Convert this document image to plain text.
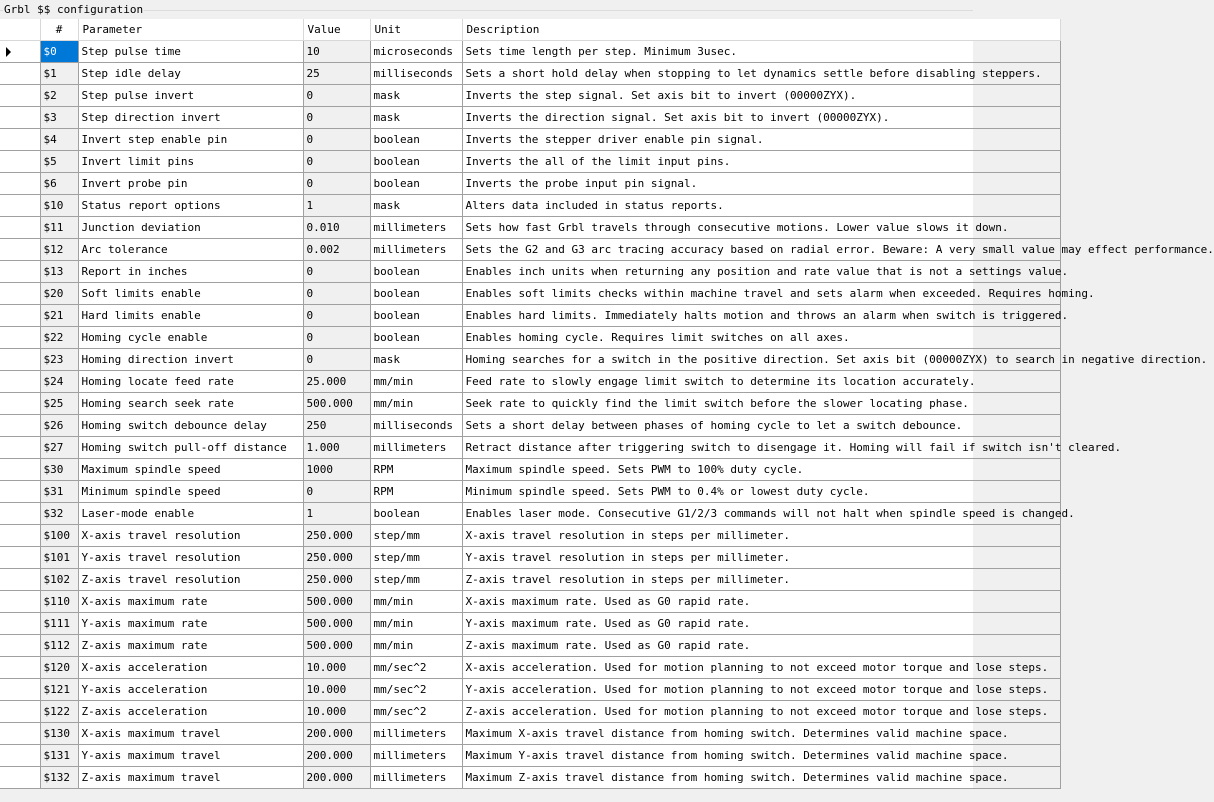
Grbl $$ configuration
	#	Parameter	Value	Unit	Description

	$0	Step pulse time	10	microseconds	Sets time length per step. Minimum 3usec.
	$1	Step idle delay	25	milliseconds	Sets a short hold delay when stopping to let dynamics settle before disabling steppers.
	$2	Step pulse invert	0	mask	Inverts the step signal. Set axis bit to invert (00000ZYX).
	$3	Step direction invert	0	mask	Inverts the direction signal. Set axis bit to invert (00000ZYX).
	$4	Invert step enable pin	0	boolean	Inverts the stepper driver enable pin signal.
	$5	Invert limit pins	0	boolean	Inverts the all of the limit input pins.
	$6	Invert probe pin	0	boolean	Inverts the probe input pin signal.
	$10	Status report options	1	mask	Alters data included in status reports.
	$11	Junction deviation	0.010	millimeters	Sets how fast Grbl travels through consecutive motions. Lower value slows it down.
	$12	Arc tolerance	0.002	millimeters	Sets the G2 and G3 arc tracing accuracy based on radial error. Beware: A very small value may effect performance.
	$13	Report in inches	0	boolean	Enables inch units when returning any position and rate value that is not a settings value.
	$20	Soft limits enable	0	boolean	Enables soft limits checks within machine travel and sets alarm when exceeded. Requires homing.
	$21	Hard limits enable	0	boolean	Enables hard limits. Immediately halts motion and throws an alarm when switch is triggered.
	$22	Homing cycle enable	0	boolean	Enables homing cycle. Requires limit switches on all axes.
	$23	Homing direction invert	0	mask	Homing searches for a switch in the positive direction. Set axis bit (00000ZYX) to search in negative direction.
	$24	Homing locate feed rate	25.000	mm/min	Feed rate to slowly engage limit switch to determine its location accurately.
	$25	Homing search seek rate	500.000	mm/min	Seek rate to quickly find the limit switch before the slower locating phase.
	$26	Homing switch debounce delay	250	milliseconds	Sets a short delay between phases of homing cycle to let a switch debounce.
	$27	Homing switch pull-off distance	1.000	millimeters	Retract distance after triggering switch to disengage it. Homing will fail if switch isn't cleared.
	$30	Maximum spindle speed	1000	RPM	Maximum spindle speed. Sets PWM to 100% duty cycle.
	$31	Minimum spindle speed	0	RPM	Minimum spindle speed. Sets PWM to 0.4% or lowest duty cycle.
	$32	Laser-mode enable	1	boolean	Enables laser mode. Consecutive G1/2/3 commands will not halt when spindle speed is changed.
	$100	X-axis travel resolution	250.000	step/mm	X-axis travel resolution in steps per millimeter.
	$101	Y-axis travel resolution	250.000	step/mm	Y-axis travel resolution in steps per millimeter.
	$102	Z-axis travel resolution	250.000	step/mm	Z-axis travel resolution in steps per millimeter.
	$110	X-axis maximum rate	500.000	mm/min	X-axis maximum rate. Used as G0 rapid rate.
	$111	Y-axis maximum rate	500.000	mm/min	Y-axis maximum rate. Used as G0 rapid rate.
	$112	Z-axis maximum rate	500.000	mm/min	Z-axis maximum rate. Used as G0 rapid rate.
	$120	X-axis acceleration	10.000	mm/sec^2	X-axis acceleration. Used for motion planning to not exceed motor torque and lose steps.
	$121	Y-axis acceleration	10.000	mm/sec^2	Y-axis acceleration. Used for motion planning to not exceed motor torque and lose steps.
	$122	Z-axis acceleration	10.000	mm/sec^2	Z-axis acceleration. Used for motion planning to not exceed motor torque and lose steps.
	$130	X-axis maximum travel	200.000	millimeters	Maximum X-axis travel distance from homing switch. Determines valid machine space.
	$131	Y-axis maximum travel	200.000	millimeters	Maximum Y-axis travel distance from homing switch. Determines valid machine space.
	$132	Z-axis maximum travel	200.000	millimeters	Maximum Z-axis travel distance from homing switch. Determines valid machine space.
